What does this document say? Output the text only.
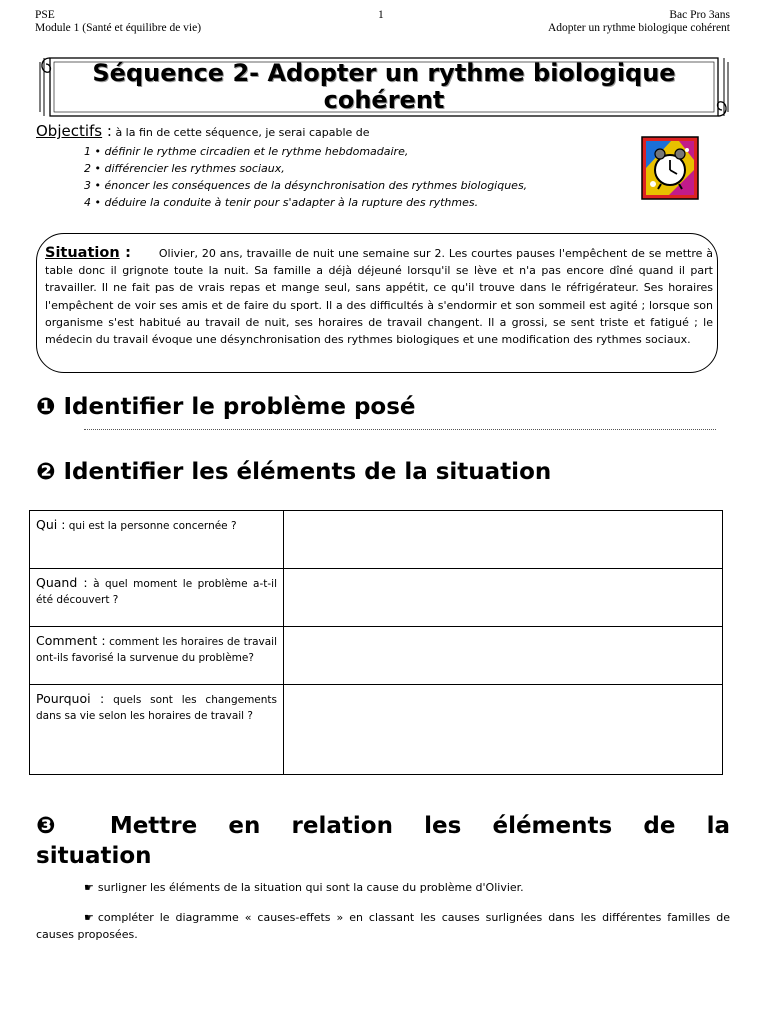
PSE
Module 1 (Santé et équilibre de vie)
1	Bac Pro 3ans
Adopter un rythme biologique cohérent
Séquence 2- Adopter un rythme biologique
cohérent
Objectifs : à la fin de cette séquence, je serai capable de
1 • définir le rythme circadien et le rythme hebdomadaire,
2 • différencier les rythmes sociaux,
3 • énoncer les conséquences de la désynchronisation des rythmes biologiques,
4 • déduire la conduite à tenir pour s'adapter à la rupture des rythmes.
Situation :	Olivier, 20 ans, travaille de nuit une semaine sur 2. Les courtes pauses l'empêchent de se mettre à table donc il grignote toute la nuit. Sa famille a déjà déjeuné lorsqu'il se lève et n'a pas encore dîné quand il part travailler. Il ne fait pas de vrais repas et mange seul, sans appétit, ce qu'il trouve dans le réfrigérateur. Ses horaires l'empêchent de voir ses amis et de faire du sport. Il a des difficultés à s'endormir et son sommeil est agité ; lorsque son organisme s'est habitué au travail de nuit, ses horaires de travail changent. Il a grossi, se sent triste et fatigué ; le médecin du travail évoque une désynchronisation des rythmes biologiques et une modification des rythmes sociaux.
❶ Identifier le problème posé
❷ Identifier les éléments de la situation
Qui : qui est la personne concernée ?	
Quand : à quel moment le problème a-t-il été découvert ?	
Comment : comment les horaires de travail ont-ils favorisé la survenue du problème?	
Pourquoi : quels sont les changements dans sa vie selon les horaires de travail ?	
❸ Mettre en relation les éléments de la
situation
☛ surligner les éléments de la situation qui sont la cause du problème d'Olivier.
☛ compléter le diagramme « causes-effets » en classant les causes surlignées dans les différentes familles de causes proposées.
